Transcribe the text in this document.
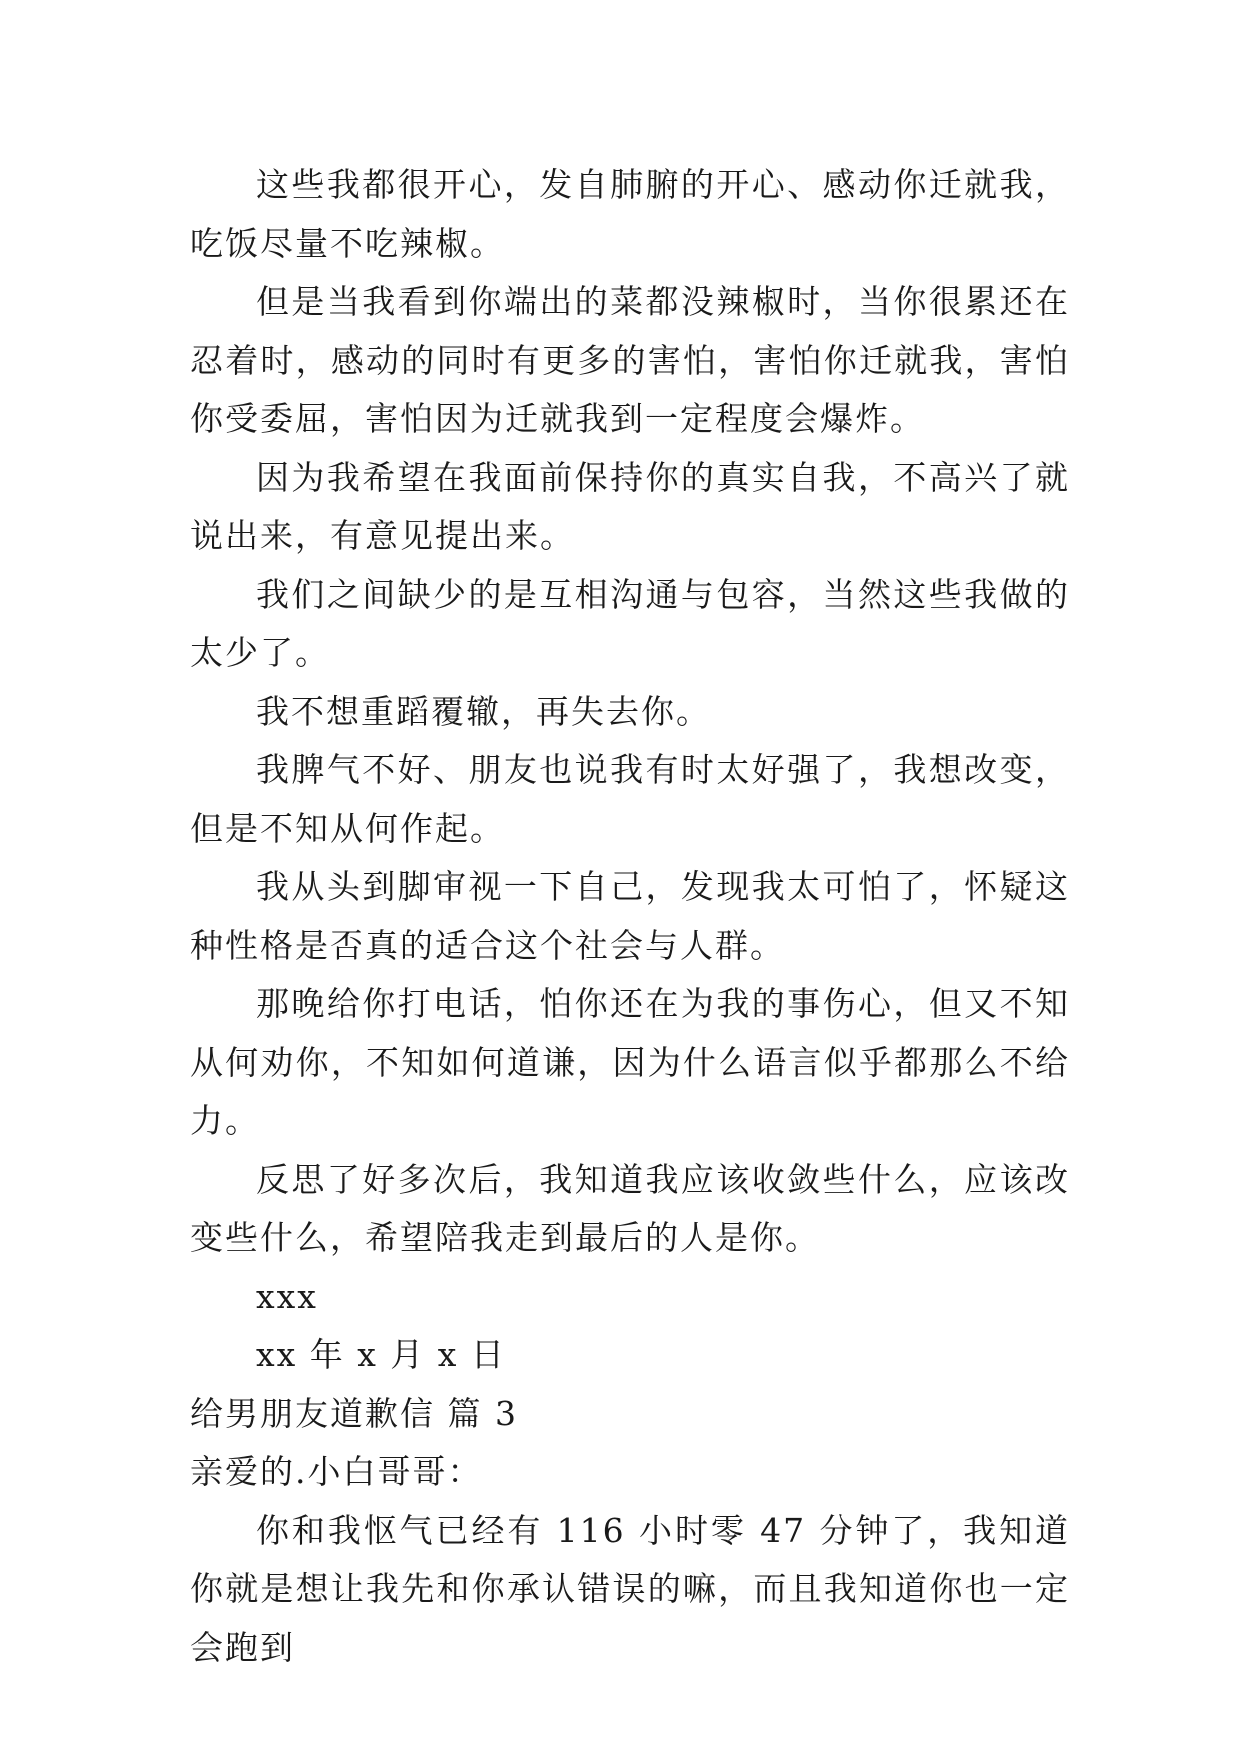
这些我都很开心，发自肺腑的开心、感动你迁就我，吃饭尽量不吃辣椒。

但是当我看到你端出的菜都没辣椒时，当你很累还在忍着时，感动的同时有更多的害怕，害怕你迁就我，害怕你受委屈，害怕因为迁就我到一定程度会爆炸。

因为我希望在我面前保持你的真实自我，不高兴了就说出来，有意见提出来。

我们之间缺少的是互相沟通与包容，当然这些我做的太少了。

我不想重蹈覆辙，再失去你。

我脾气不好、朋友也说我有时太好强了，我想改变，但是不知从何作起。

我从头到脚审视一下自己，发现我太可怕了，怀疑这种性格是否真的适合这个社会与人群。

那晚给你打电话，怕你还在为我的事伤心，但又不知从何劝你，不知如何道谦，因为什么语言似乎都那么不给力。

反思了好多次后，我知道我应该收敛些什么，应该改变些什么，希望陪我走到最后的人是你。

xxx

xx 年 x 月 x 日

给男朋友道歉信 篇 3

亲爱的.小白哥哥：

你和我怄气已经有 116 小时零 47 分钟了，我知道你就是想让我先和你承认错误的嘛，而且我知道你也一定会跑到
